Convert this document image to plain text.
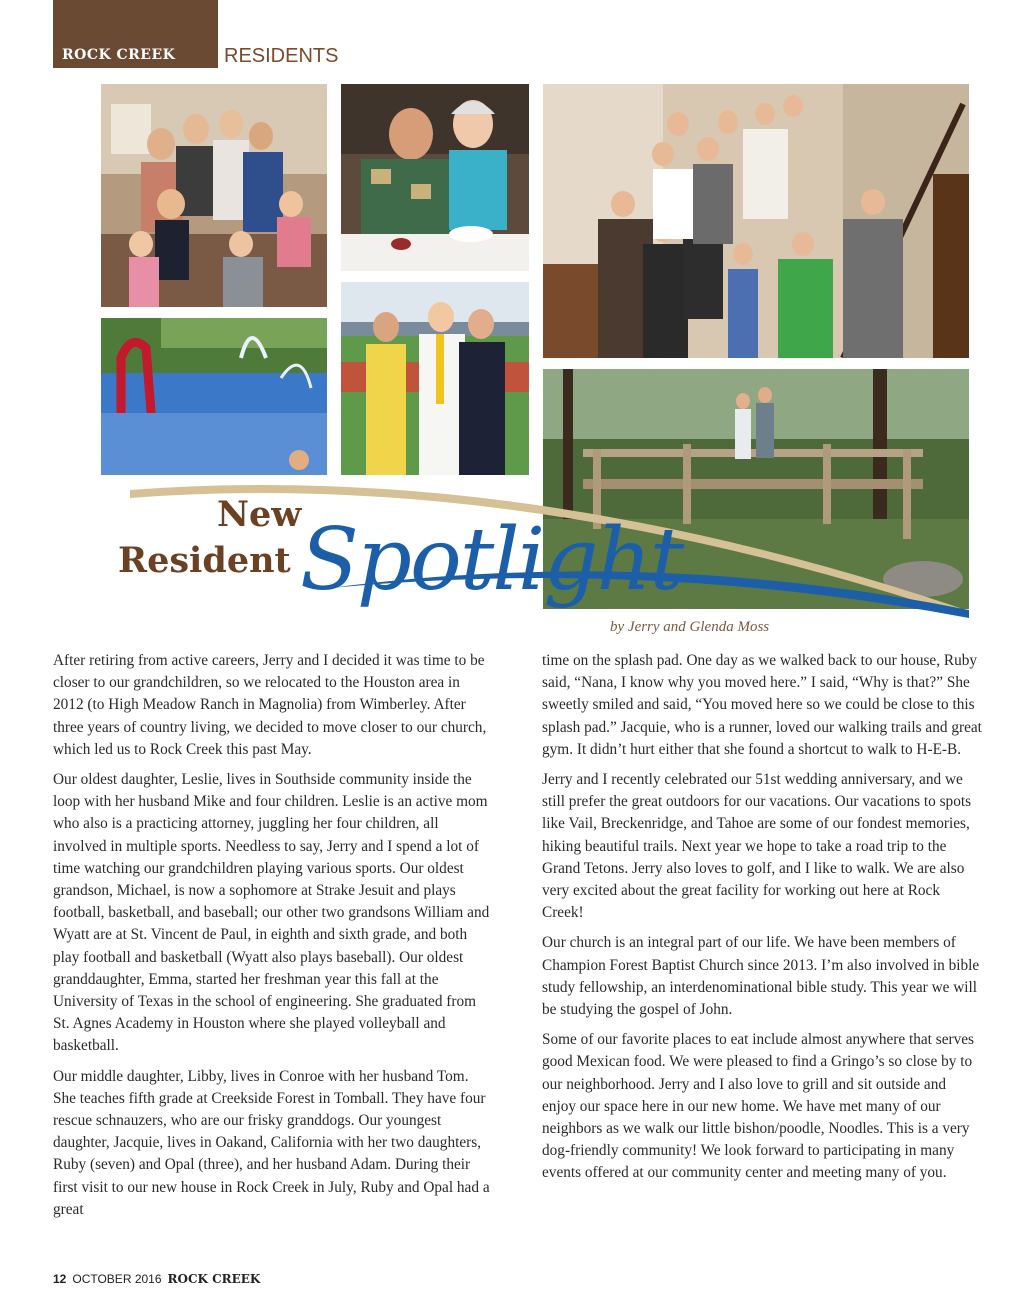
ROCK CREEK RESIDENTS
New
Resident Spotlight
by Jerry and Glenda Moss

After retiring from active careers, Jerry and I decided it was time to be closer to our grandchildren, so we relocated to the Houston area in 2012 (to High Meadow Ranch in Magnolia) from Wimberley. After three years of country living, we decided to move closer to our church, which led us to Rock Creek this past May.

Our oldest daughter, Leslie, lives in Southside community inside the loop with her husband Mike and four children. Leslie is an active mom who also is a practicing attorney, juggling her four children, all involved in multiple sports. Needless to say, Jerry and I spend a lot of time watching our grandchildren playing various sports. Our oldest grandson, Michael, is now a sophomore at Strake Jesuit and plays football, basketball, and baseball; our other two grandsons William and Wyatt are at St. Vincent de Paul, in eighth and sixth grade, and both play football and basketball (Wyatt also plays baseball). Our oldest granddaughter, Emma, started her freshman year this fall at the University of Texas in the school of engineering. She graduated from St. Agnes Academy in Houston where she played volleyball and basketball.

Our middle daughter, Libby, lives in Conroe with her husband Tom. She teaches fifth grade at Creekside Forest in Tomball. They have four rescue schnauzers, who are our frisky granddogs. Our youngest daughter, Jacquie, lives in Oakand, California with her two daughters, Ruby (seven) and Opal (three), and her husband Adam. During their first visit to our new house in Rock Creek in July, Ruby and Opal had a great

time on the splash pad. One day as we walked back to our house, Ruby said, “Nana, I know why you moved here.” I said, “Why is that?” She sweetly smiled and said, “You moved here so we could be close to this splash pad.” Jacquie, who is a runner, loved our walking trails and great gym. It didn’t hurt either that she found a shortcut to walk to H-E-B.

Jerry and I recently celebrated our 51st wedding anniversary, and we still prefer the great outdoors for our vacations. Our vacations to spots like Vail, Breckenridge, and Tahoe are some of our fondest memories, hiking beautiful trails. Next year we hope to take a road trip to the Grand Tetons. Jerry also loves to golf, and I like to walk. We are also very excited about the great facility for working out here at Rock Creek!

Our church is an integral part of our life. We have been members of Champion Forest Baptist Church since 2013. I’m also involved in bible study fellowship, an interdenominational bible study. This year we will be studying the gospel of John.

Some of our favorite places to eat include almost anywhere that serves good Mexican food. We were pleased to find a Gringo’s so close by to our neighborhood. Jerry and I also love to grill and sit outside and enjoy our space here in our new home. We have met many of our neighbors as we walk our little bishon/poodle, Noodles. This is a very dog-friendly community! We look forward to participating in many events offered at our community center and meeting many of you.

12 OCTOBER 2016 ROCK CREEK
